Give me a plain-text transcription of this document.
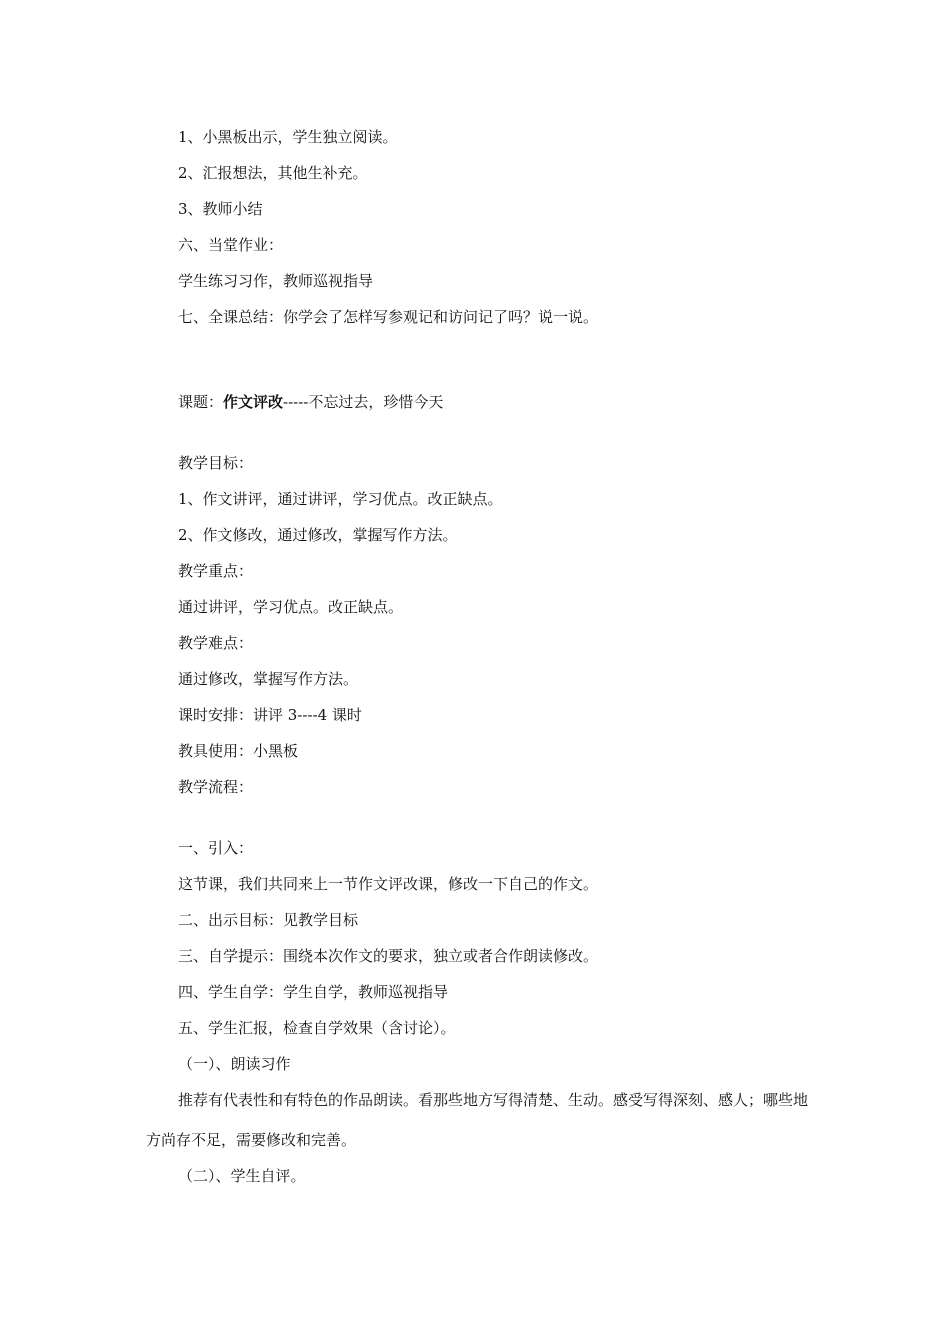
1、小黑板出示，学生独立阅读。
2、汇报想法，其他生补充。
3、教师小结
六、当堂作业：
学生练习习作，教师巡视指导
七、全课总结：你学会了怎样写参观记和访问记了吗？说一说。
课题：作文评改-----不忘过去，珍惜今天
教学目标：
1、作文讲评，通过讲评，学习优点。改正缺点。
2、作文修改，通过修改，掌握写作方法。
教学重点：
通过讲评，学习优点。改正缺点。
教学难点：
通过修改，掌握写作方法。
课时安排：讲评 3----4 课时
教具使用：小黑板
教学流程：
一、引入：
这节课，我们共同来上一节作文评改课，修改一下自己的作文。
二、出示目标：见教学目标
三、自学提示：围绕本次作文的要求，独立或者合作朗读修改。
四、学生自学：学生自学，教师巡视指导
五、学生汇报，检查自学效果（含讨论）。
（一）、朗读习作
推荐有代表性和有特色的作品朗读。看那些地方写得清楚、生动。感受写得深刻、感人；哪些地方尚存不足，需要修改和完善。
（二）、学生自评。
